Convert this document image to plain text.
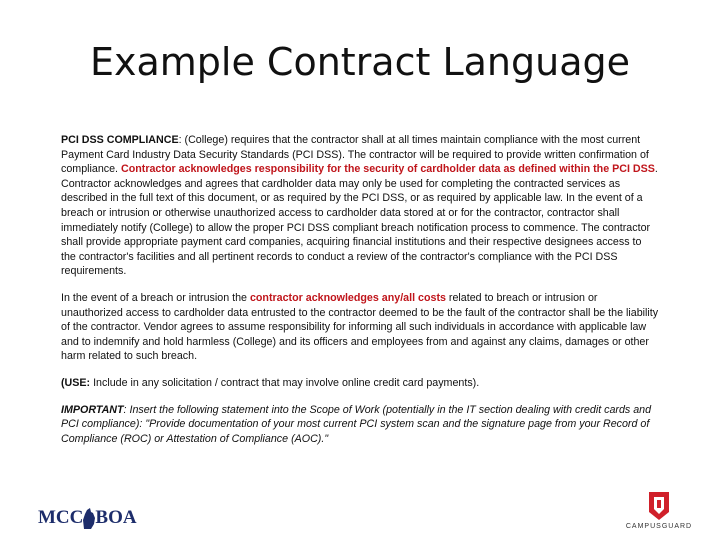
Example Contract Language

PCI DSS COMPLIANCE: (College) requires that the contractor shall at all times maintain compliance with the most current Payment Card Industry Data Security Standards (PCI DSS). The contractor will be required to provide written confirmation of compliance. Contractor acknowledges responsibility for the security of cardholder data as defined within the PCI DSS. Contractor acknowledges and agrees that cardholder data may only be used for completing the contracted services as described in the full text of this document, or as required by the PCI DSS, or as required by applicable law. In the event of a breach or intrusion or otherwise unauthorized access to cardholder data stored at or for the contractor, contractor shall immediately notify (College) to allow the proper PCI DSS compliant breach notification process to commence. The contractor shall provide appropriate payment card companies, acquiring financial institutions and their respective designees access to the contractor's facilities and all pertinent records to conduct a review of the contractor's compliance with the PCI DSS requirements.

In the event of a breach or intrusion the contractor acknowledges any/all costs related to breach or intrusion or unauthorized access to cardholder data entrusted to the contractor deemed to be the fault of the contractor shall be the liability of the contractor. Vendor agrees to assume responsibility for informing all such individuals in accordance with applicable law and to indemnify and hold harmless (College) and its officers and employees from and against any claims, damages or other harm related to such breach.

(USE: Include in any solicitation / contract that may involve online credit card payments).

IMPORTANT: Insert the following statement into the Scope of Work (potentially in the IT section dealing with credit cards and PCI compliance): "Provide documentation of your most current PCI system scan and the signature page from your Record of Compliance (ROC) or Attestation of Compliance (AOC)."

MCC BOA	CAMPUSGUARD
